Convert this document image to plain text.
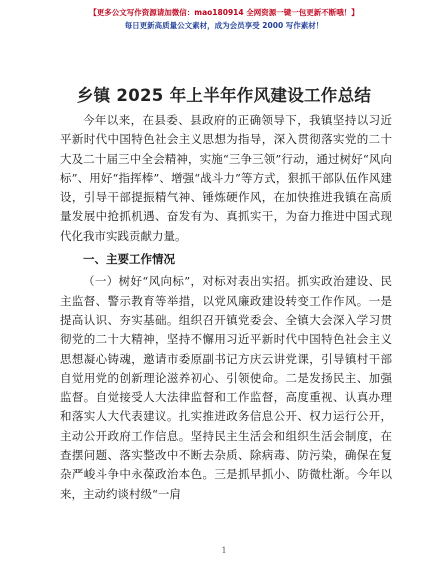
【更多公文写作资源请加微信：mao180914 全网资源一键一包更新不断哦！】
每日更新高质量公文素材，成为会员享受 2000 写作素材！
乡镇 2025 年上半年作风建设工作总结

今年以来，在县委、县政府的正确领导下，我镇坚持以习近平新时代中国特色社会主义思想为指导，深入贯彻落实党的二十大及二十届三中全会精神，实施“三争三领”行动，通过树好“风向标”、用好“指挥棒”、增强“战斗力”等方式，狠抓干部队伍作风建设，引导干部提振精气神、锤炼硬作风，在加快推进我镇在高质量发展中抢抓机遇、奋发有为、真抓实干，为奋力推进中国式现代化我市实践贡献力量。

一、主要工作情况

（一）树好“风向标”，对标对表出实招。抓实政治建设、民主监督、警示教育等举措，以党风廉政建设转变工作作风。一是提高认识、夯实基础。组织召开镇党委会、全镇大会深入学习贯彻党的二十大精神，坚持不懈用习近平新时代中国特色社会主义思想凝心铸魂，邀请市委原副书记方庆云讲党课，引导镇村干部自觉用党的创新理论滋养初心、引领使命。二是发扬民主、加强监督。自觉接受人大法律监督和工作监督，高度重视、认真办理和落实人大代表建议。扎实推进政务信息公开、权力运行公开，主动公开政府工作信息。坚持民主生活会和组织生活会制度，在查摆问题、落实整改中不断去杂质、除病毒、防污染，确保在复杂严峻斗争中永葆政治本色。三是抓早抓小、防微杜渐。今年以来，主动约谈村级“一肩

1
